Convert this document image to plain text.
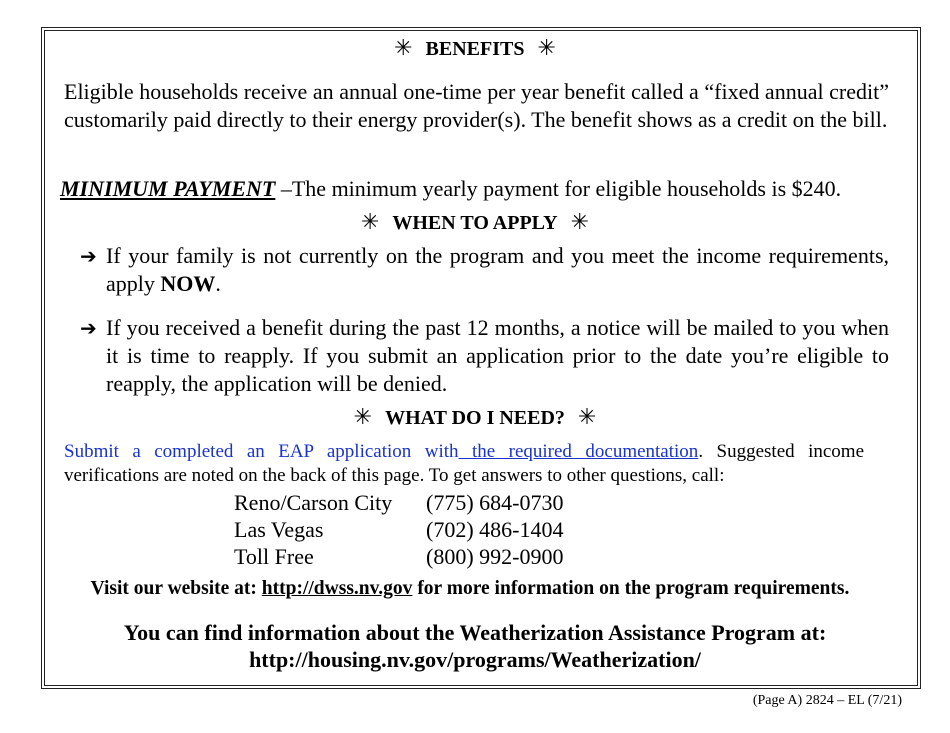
✳ BENEFITS ✳
Eligible households receive an annual one-time per year benefit called a “fixed annual credit” customarily paid directly to their energy provider(s). The benefit shows as a credit on the bill.
MINIMUM PAYMENT –The minimum yearly payment for eligible households is $240.
✳ WHEN TO APPLY ✳
➔ If your family is not currently on the program and you meet the income requirements, apply NOW.
➔ If you received a benefit during the past 12 months, a notice will be mailed to you when it is time to reapply. If you submit an application prior to the date you’re eligible to reapply, the application will be denied.
✳ WHAT DO I NEED? ✳
Submit a completed an EAP application with the required documentation. Suggested income verifications are noted on the back of this page. To get answers to other questions, call:
Reno/Carson City (775) 684-0730
Las Vegas	(702) 486-1404
Toll Free	(800) 992-0900
Visit our website at: http://dwss.nv.gov for more information on the program requirements.
You can find information about the Weatherization Assistance Program at:
http://housing.nv.gov/programs/Weatherization/
(Page A) 2824 – EL (7/21)
